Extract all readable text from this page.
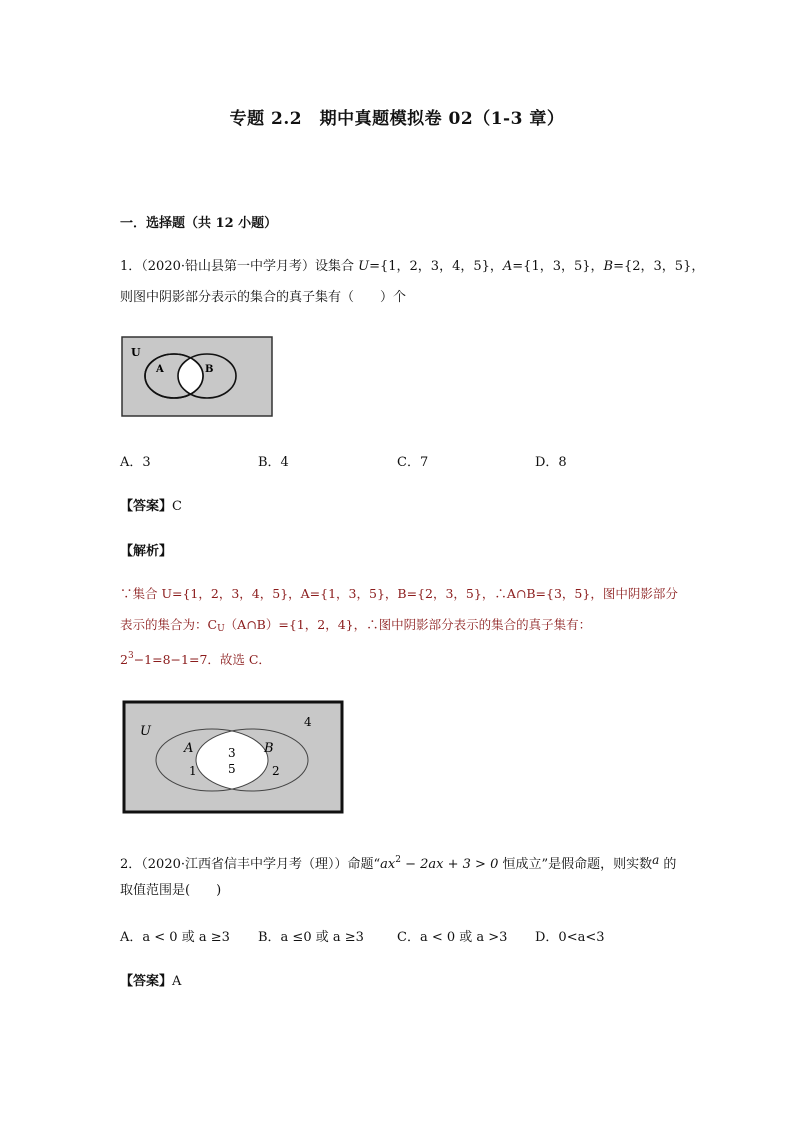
专题 2.2　期中真题模拟卷 02（1-3 章）
一．选择题（共 12 小题）
1．（2020·铅山县第一中学月考）设集合 U={1，2，3，4，5}，A={1，3，5}，B={2，3，5}，
则图中阴影部分表示的集合的真子集有（　　）个
U
A	B
A．3	B．4	C．7	D．8
【答案】C
【解析】
∵集合 U={1，2，3，4，5}，A={1，3，5}，B={2，3，5}，∴A∩B={3，5}，图中阴影部分
表示的集合为：$C_U(A\cap B)=\{1$，2，4}，∴图中阴影部分表示的集合的真子集有：
$2^3-1=8-1=7$．故选 C．
U
4
A	B
1	2
3
5
2．（2020·江西省信丰中学月考（理））命题“$ax^2 - 2ax + 3 > 0$ 恒成立”是假命题，则实数a 的
取值范围是(　　)
A．a < 0 或 a ≥3 B．a ≤0 或 a ≥3	C．a < 0 或 a >3 D．0<a<3
【答案】A
